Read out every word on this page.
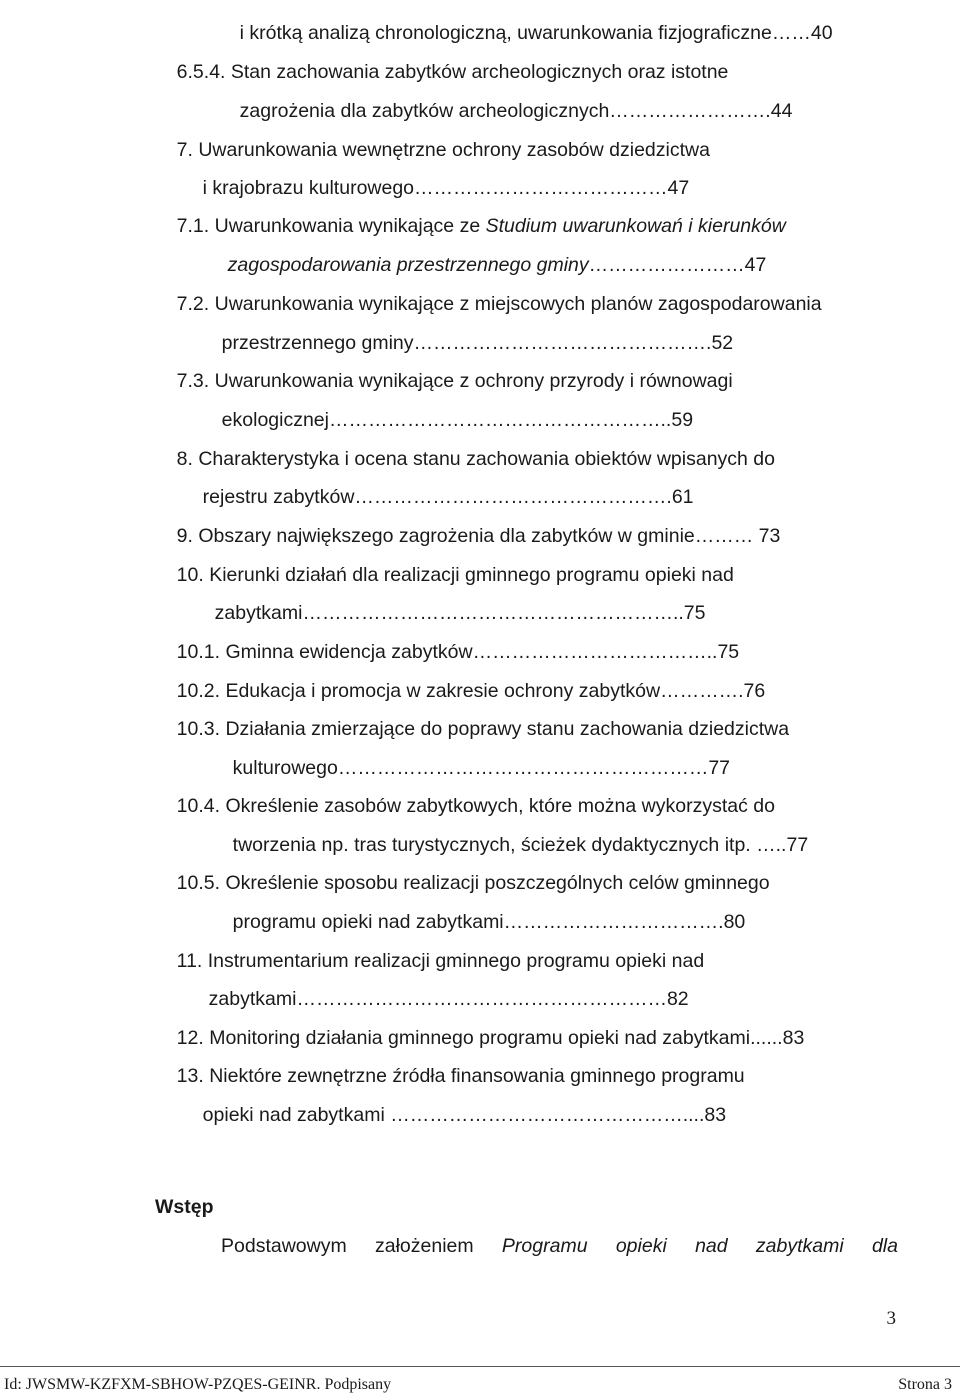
i krótką analizą chronologiczną, uwarunkowania fizjograficzne……40

6.5.4. Stan zachowania zabytków archeologicznych oraz istotne

zagrożenia dla zabytków archeologicznych…………………….44

7. Uwarunkowania wewnętrzne ochrony zasobów dziedzictwa

i krajobrazu kulturowego…………………………………47

7.1. Uwarunkowania wynikające ze Studium uwarunkowań i kierunków

zagospodarowania przestrzennego gminy……………………47

7.2. Uwarunkowania wynikające z miejscowych planów zagospodarowania

przestrzennego gminy……………………………………….52

7.3. Uwarunkowania wynikające z ochrony przyrody i równowagi

ekologicznej……………………………………………..59

8. Charakterystyka i ocena stanu zachowania obiektów wpisanych do

rejestru zabytków………………………………………….61

9. Obszary największego zagrożenia dla zabytków w gminie……… 73

10. Kierunki działań dla realizacji gminnego programu opieki nad

zabytkami…………………………………………………..75

10.1. Gminna ewidencja zabytków………………………………..75

10.2. Edukacja i promocja w zakresie ochrony zabytków………….76

10.3. Działania zmierzające do poprawy stanu zachowania dziedzictwa

kulturowego…………………………………………………77

10.4. Określenie zasobów zabytkowych, które można wykorzystać do

tworzenia np. tras turystycznych, ścieżek dydaktycznych itp. …..77

10.5. Określenie sposobu realizacji poszczególnych celów gminnego

programu opieki nad zabytkami…………………………….80

11. Instrumentarium realizacji gminnego programu opieki nad

zabytkami…………………………………………………82

12. Monitoring działania gminnego programu opieki nad zabytkami......83

13. Niektóre zewnętrzne źródła finansowania gminnego programu

opieki nad zabytkami ………………………………………....83

Wstęp
Podstawowym założeniem Programu opieki nad zabytkami dla
3
Id: JWSMW-KZFXM-SBHOW-PZQES-GEINR. Podpisany	Strona 3
